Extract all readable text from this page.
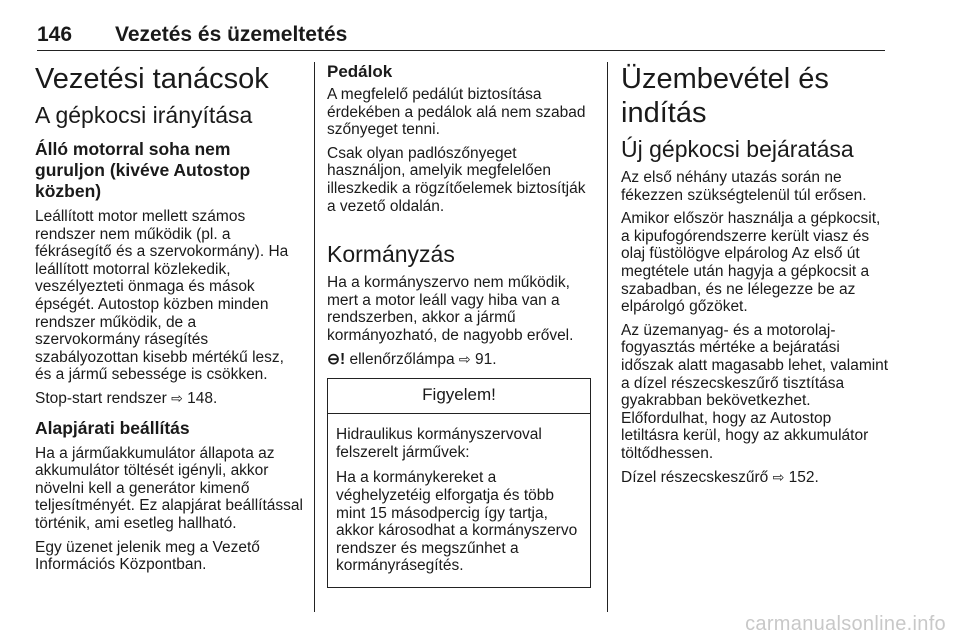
146 Vezetés és üzemeltetés
Vezetési tanácsok
A gépkocsi irányítása
Álló motorral soha nem guruljon (kivéve Autostop közben)

Leállított motor mellett számos rendszer nem működik (pl. a fékrásegítő és a szervokormány). Ha leállított motorral közlekedik, veszélyezteti önmaga és mások épségét. Autostop közben minden rendszer működik, de a szervokormány rásegítés szabályozottan kisebb mértékű lesz, és a jármű sebessége is csökken.

Stop-start rendszer ⇨ 148.

Alapjárati beállítás

Ha a járműakkumulátor állapota az akkumulátor töltését igényli, akkor növelni kell a generátor kimenő teljesítményét. Ez alapjárat beállítással történik, ami esetleg hallható.

Egy üzenet jelenik meg a Vezető Információs Központban.

Pedálok

A megfelelő pedálút biztosítása érdekében a pedálok alá nem szabad szőnyeget tenni.

Csak olyan padlószőnyeget használjon, amelyik megfelelően illeszkedik a rögzítőelemek biztosítják a vezető oldalán.

Kormányzás

Ha a kormányszervo nem működik, mert a motor leáll vagy hiba van a rendszerben, akkor a jármű kormányozható, de nagyobb erővel.

⊖! ellenőrzőlámpa ⇨ 91.

Figyelem!

Hidraulikus kormányszervoval felszerelt járművek:

Ha a kormánykereket a véghelyzetéig elforgatja és több mint 15 másodpercig így tartja, akkor károsodhat a kormányszervo rendszer és megszűnhet a kormányrásegítés.

Üzembevétel és indítás
Új gépkocsi bejáratása

Az első néhány utazás során ne fékezzen szükségtelenül túl erősen.

Amikor először használja a gépkocsit, a kipufogórendszerre került viasz és olaj füstölögve elpárolog Az első út megtétele után hagyja a gépkocsit a szabadban, és ne lélegezze be az elpárolgó gőzöket.

Az üzemanyag- és a motorolaj-fogyasztás mértéke a bejáratási időszak alatt magasabb lehet, valamint a dízel részecskeszűrő tisztítása gyakrabban bekövetkezhet. Előfordulhat, hogy az Autostop letiltásra kerül, hogy az akkumulátor töltődhessen.

Dízel részecskeszűrő ⇨ 152.

carmanualsonline.info
